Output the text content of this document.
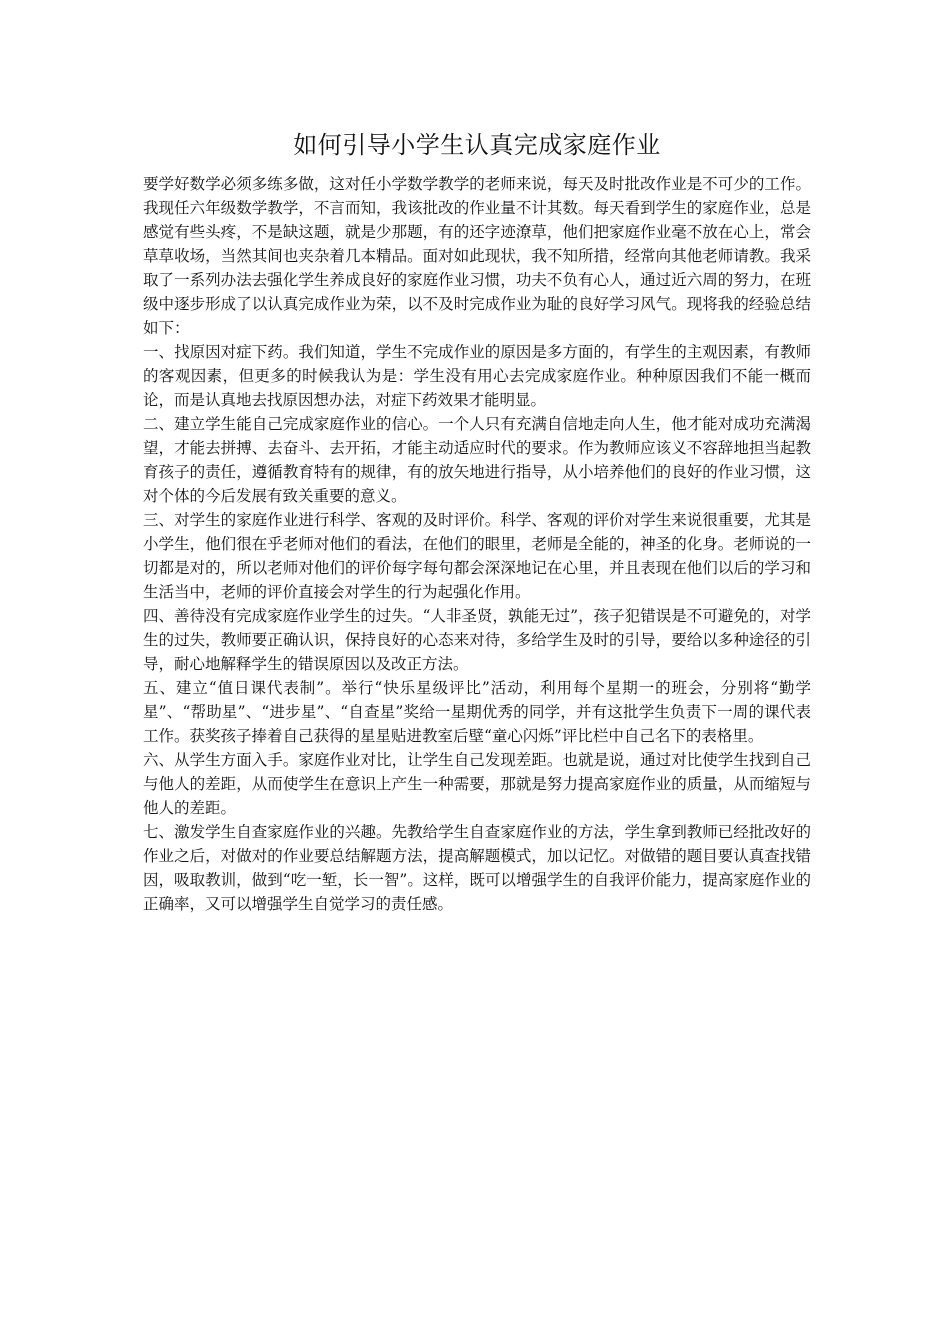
如何引导小学生认真完成家庭作业

要学好数学必须多练多做，这对任小学数学教学的老师来说，每天及时批改作业是不可少的工作。我现任六年级数学教学，不言而知，我该批改的作业量不计其数。每天看到学生的家庭作业，总是感觉有些头疼，不是缺这题，就是少那题，有的还字迹潦草，他们把家庭作业毫不放在心上，常会草草收场，当然其间也夹杂着几本精品。面对如此现状，我不知所措，经常向其他老师请教。我采取了一系列办法去强化学生养成良好的家庭作业习惯，功夫不负有心人，通过近六周的努力，在班级中逐步形成了以认真完成作业为荣，以不及时完成作业为耻的良好学习风气。现将我的经验总结如下：

一、找原因对症下药。我们知道，学生不完成作业的原因是多方面的，有学生的主观因素，有教师的客观因素，但更多的时候我认为是：学生没有用心去完成家庭作业。种种原因我们不能一概而论，而是认真地去找原因想办法，对症下药效果才能明显。

二、建立学生能自己完成家庭作业的信心。一个人只有充满自信地走向人生，他才能对成功充满渴望，才能去拼搏、去奋斗、去开拓，才能主动适应时代的要求。作为教师应该义不容辞地担当起教育孩子的责任，遵循教育特有的规律，有的放矢地进行指导，从小培养他们的良好的作业习惯，这对个体的今后发展有致关重要的意义。

三、对学生的家庭作业进行科学、客观的及时评价。科学、客观的评价对学生来说很重要，尤其是小学生，他们很在乎老师对他们的看法，在他们的眼里，老师是全能的，神圣的化身。老师说的一切都是对的，所以老师对他们的评价每字每句都会深深地记在心里，并且表现在他们以后的学习和生活当中，老师的评价直接会对学生的行为起强化作用。

四、善待没有完成家庭作业学生的过失。“人非圣贤，孰能无过”，孩子犯错误是不可避免的，对学生的过失，教师要正确认识，保持良好的心态来对待，多给学生及时的引导，要给以多种途径的引导，耐心地解释学生的错误原因以及改正方法。

五、建立“值日课代表制”。举行“快乐星级评比”活动，利用每个星期一的班会，分别将“勤学星”、“帮助星”、“进步星”、“自查星”奖给一星期优秀的同学，并有这批学生负责下一周的课代表工作。获奖孩子捧着自己获得的星星贴进教室后壁“童心闪烁”评比栏中自己名下的表格里。

六、从学生方面入手。家庭作业对比，让学生自己发现差距。也就是说，通过对比使学生找到自己与他人的差距，从而使学生在意识上产生一种需要，那就是努力提高家庭作业的质量，从而缩短与他人的差距。

七、激发学生自查家庭作业的兴趣。先教给学生自查家庭作业的方法，学生拿到教师已经批改好的作业之后，对做对的作业要总结解题方法，提高解题模式，加以记忆。对做错的题目要认真查找错因，吸取教训，做到“吃一堑，长一智”。这样，既可以增强学生的自我评价能力，提高家庭作业的正确率，又可以增强学生自觉学习的责任感。
